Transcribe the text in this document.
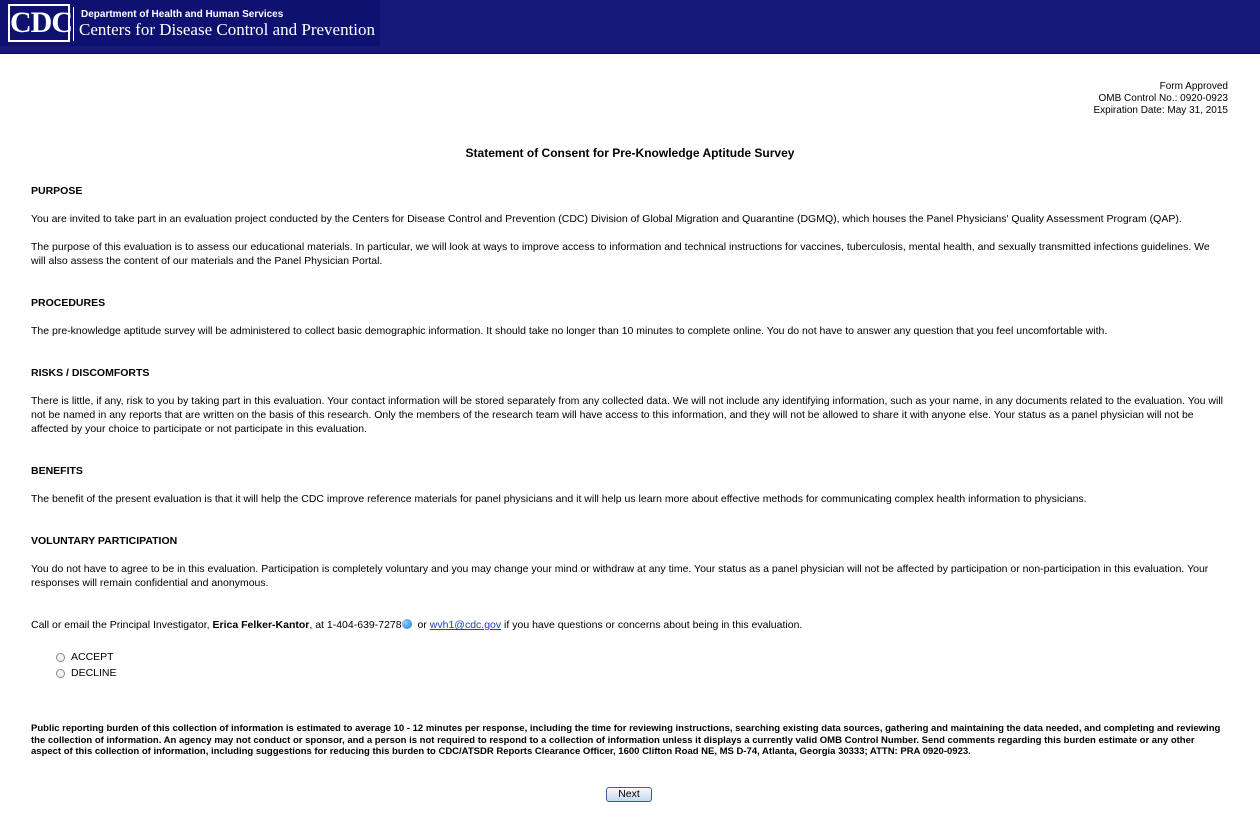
CDC Department of Health and Human Services
Centers for Disease Control and Prevention
Form Approved
OMB Control No.: 0920-0923
Expiration Date: May 31, 2015
Statement of Consent for Pre-Knowledge Aptitude Survey

PURPOSE

You are invited to take part in an evaluation project conducted by the Centers for Disease Control and Prevention (CDC) Division of Global Migration and Quarantine (DGMQ), which houses the Panel Physicians' Quality Assessment Program (QAP).

The purpose of this evaluation is to assess our educational materials. In particular, we will look at ways to improve access to information and technical instructions for vaccines, tuberculosis, mental health, and sexually transmitted infections guidelines. We will also assess the content of our materials and the Panel Physician Portal.

PROCEDURES

The pre-knowledge aptitude survey will be administered to collect basic demographic information. It should take no longer than 10 minutes to complete online. You do not have to answer any question that you feel uncomfortable with.

RISKS / DISCOMFORTS

There is little, if any, risk to you by taking part in this evaluation. Your contact information will be stored separately from any collected data. We will not include any identifying information, such as your name, in any documents related to the evaluation. You will not be named in any reports that are written on the basis of this research. Only the members of the research team will have access to this information, and they will not be allowed to share it with anyone else. Your status as a panel physician will not be affected by your choice to participate or not participate in this evaluation.

BENEFITS

The benefit of the present evaluation is that it will help the CDC improve reference materials for panel physicians and it will help us learn more about effective methods for communicating complex health information to physicians.

VOLUNTARY PARTICIPATION

You do not have to agree to be in this evaluation. Participation is completely voluntary and you may change your mind or withdraw at any time. Your status as a panel physician will not be affected by participation or non-participation in this evaluation. Your responses will remain confidential and anonymous.

Call or email the Principal Investigator, Erica Felker-Kantor, at 1-404-639-7278 or wvh1@cdc.gov if you have questions or concerns about being in this evaluation.

ACCEPT
DECLINE
Public reporting burden of this collection of information is estimated to average 10 - 12 minutes per response, including the time for reviewing instructions, searching existing data sources, gathering and maintaining the data needed, and completing and reviewing the collection of information. An agency may not conduct or sponsor, and a person is not required to respond to a collection of information unless it displays a currently valid OMB Control Number. Send comments regarding this burden estimate or any other aspect of this collection of information, including suggestions for reducing this burden to CDC/ATSDR Reports Clearance Officer, 1600 Clifton Road NE, MS D-74, Atlanta, Georgia 30333; ATTN: PRA 0920-0923.
Next
